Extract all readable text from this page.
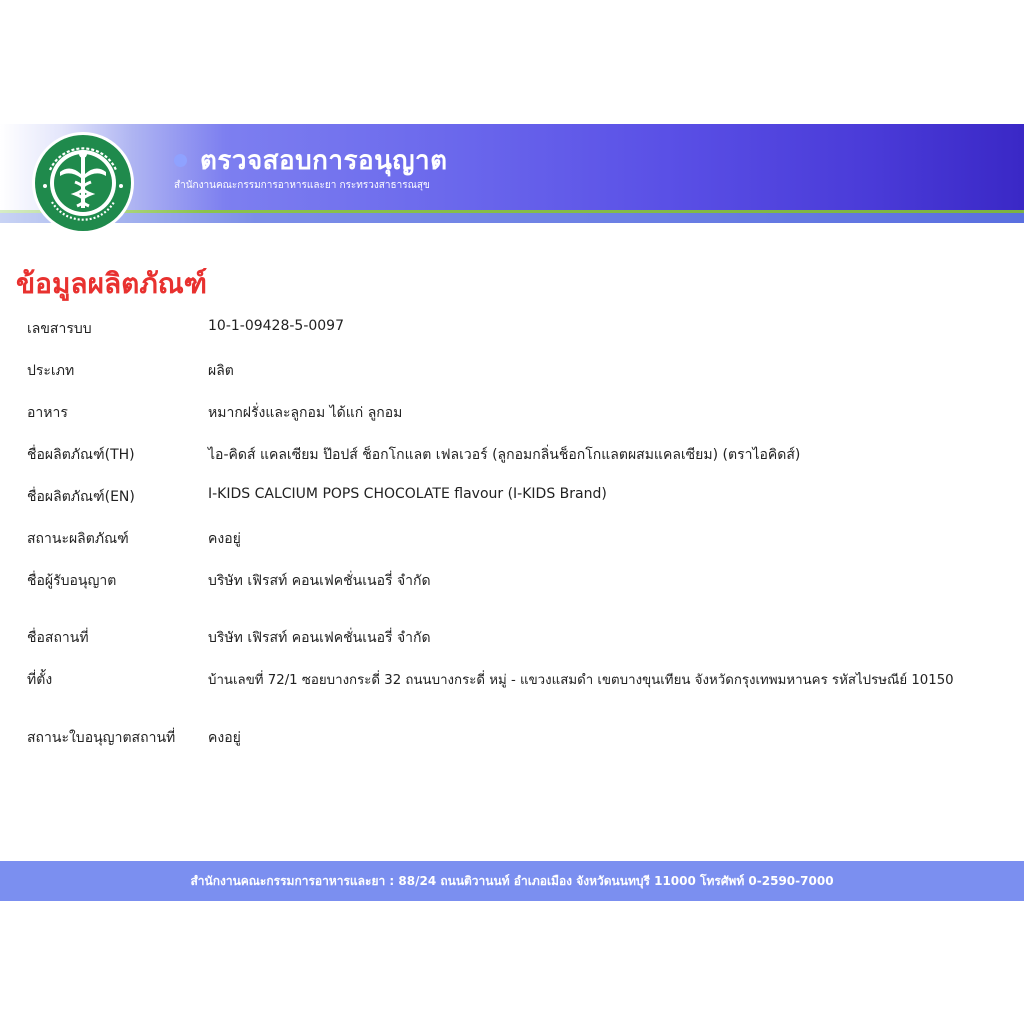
ตรวจสอบการอนุญาต
สำนักงานคณะกรรมการอาหารและยา กระทรวงสาธารณสุข
ข้อมูลผลิตภัณฑ์
เลขสารบบ	10-1-09428-5-0097
ประเภท	ผลิต
อาหาร	หมากฝรั่งและลูกอม ได้แก่ ลูกอม
ชื่อผลิตภัณฑ์(TH)	ไอ-คิดส์ แคลเซียม ป๊อปส์ ช็อกโกแลต เฟลเวอร์ (ลูกอมกลิ่นช็อกโกแลตผสมแคลเซียม) (ตราไอคิดส์)
ชื่อผลิตภัณฑ์(EN)	I-KIDS CALCIUM POPS CHOCOLATE flavour (I-KIDS Brand)
สถานะผลิตภัณฑ์	คงอยู่
ชื่อผู้รับอนุญาต	บริษัท เฟิรสท์ คอนเฟคชั่นเนอรี่ จำกัด
ชื่อสถานที่	บริษัท เฟิรสท์ คอนเฟคชั่นเนอรี่ จำกัด
ที่ตั้ง	บ้านเลขที่ 72/1 ซอยบางกระดี่ 32 ถนนบางกระดี่ หมู่ - แขวงแสมดำ เขตบางขุนเทียน จังหวัดกรุงเทพมหานคร รหัสไปรษณีย์ 10150
สถานะใบอนุญาตสถานที่ คงอยู่
สำนักงานคณะกรรมการอาหารและยา : 88/24 ถนนติวานนท์ อำเภอเมือง จังหวัดนนทบุรี 11000 โทรศัพท์ 0-2590-7000
